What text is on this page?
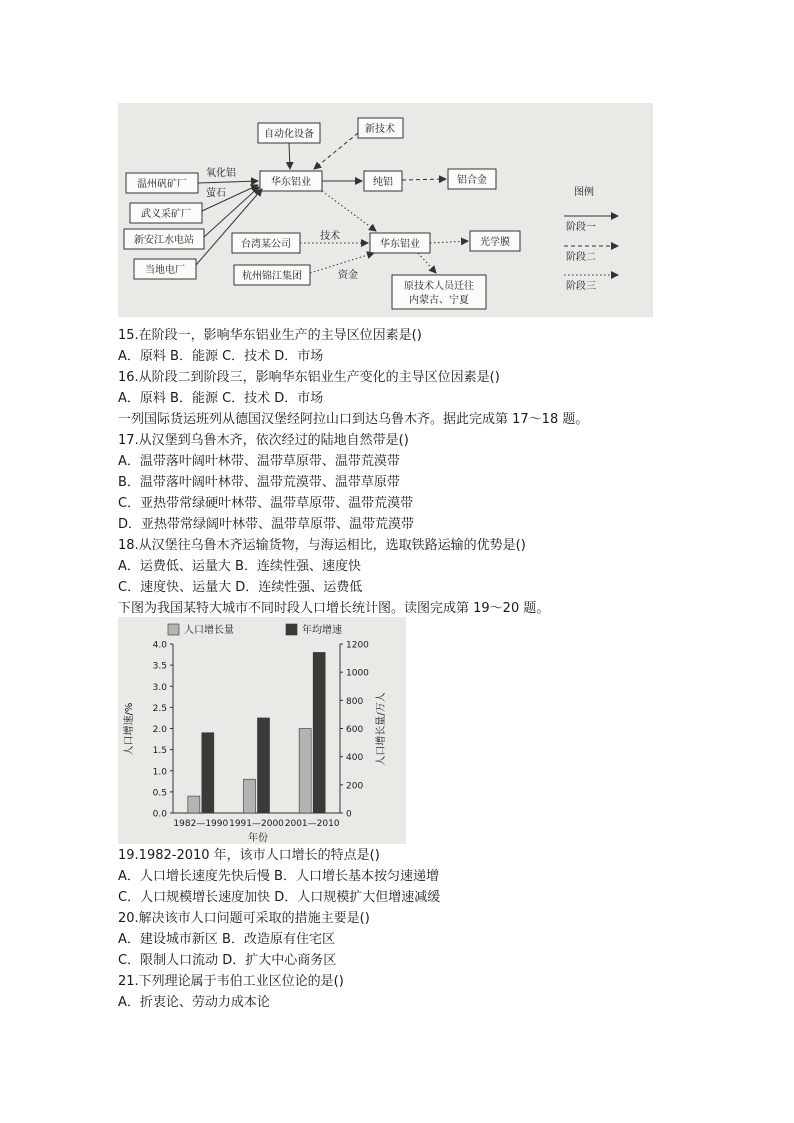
自动化设备	新技术
温州矾矿厂
武义采矿厂
新安江水电站
当地电厂
华东铝业	纯铝	铝合金
台湾某公司
杭州锦江集团
华东铝业	光学膜
原技术人员迁往
内蒙古、宁夏
氧化铝
萤石
技术
资金
图例
阶段一
阶段二
阶段三
15.在阶段一，影响华东铝业生产的主导区位因素是()
A．原料 B．能源 C．技术 D．市场
16.从阶段二到阶段三，影响华东铝业生产变化的主导区位因素是()
A．原料 B．能源 C．技术 D．市场
一列国际货运班列从德国汉堡经阿拉山口到达乌鲁木齐。据此完成第 17～18 题。
17.从汉堡到乌鲁木齐，依次经过的陆地自然带是()
A．温带落叶阔叶林带、温带草原带、温带荒漠带
B．温带落叶阔叶林带、温带荒漠带、温带草原带
C．亚热带常绿硬叶林带、温带草原带、温带荒漠带
D．亚热带常绿阔叶林带、温带草原带、温带荒漠带
18.从汉堡往乌鲁木齐运输货物，与海运相比，选取铁路运输的优势是()
A．运费低、运量大 B．连续性强、速度快
C．速度快、运量大 D．连续性强、运费低
下图为我国某特大城市不同时段人口增长统计图。读图完成第 19～20 题。
人口增长量	年均增速
0.0
0.5
1.0
1.5
2.0
2.5
3.0
3.5
4.0
0
200
400
600
800
1000
1200
1982—1990 1991—2000 2001—2010
人口增速/%	人口增长量/万人
年份
19.1982-2010 年，该市人口增长的特点是()
A．人口增长速度先快后慢 B．人口增长基本按匀速递增
C．人口规模增长速度加快 D．人口规模扩大但增速减缓
20.解决该市人口问题可采取的措施主要是()
A．建设城市新区 B．改造原有住宅区
C．限制人口流动 D．扩大中心商务区
21.下列理论属于韦伯工业区位论的是()
A．折衷论、劳动力成本论
